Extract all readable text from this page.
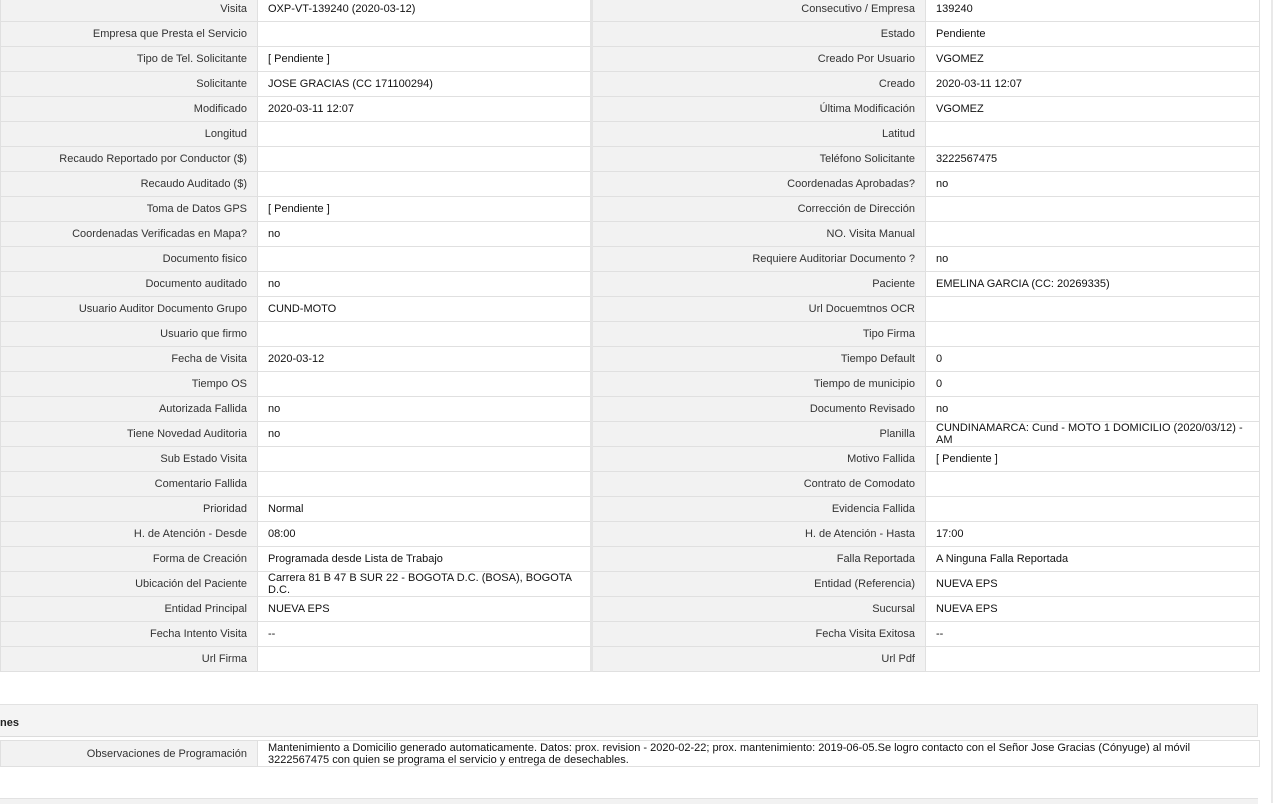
Visita	OXP-VT-139240 (2020-03-12)	Consecutivo / Empresa	139240
Empresa que Presta el Servicio		Estado	Pendiente
Tipo de Tel. Solicitante	[ Pendiente ]	Creado Por Usuario	VGOMEZ
Solicitante	JOSE GRACIAS (CC 171100294)	Creado	2020-03-11 12:07
Modificado	2020-03-11 12:07	Última Modificación	VGOMEZ
Longitud		Latitud	
Recaudo Reportado por Conductor ($)		Teléfono Solicitante	3222567475
Recaudo Auditado ($)		Coordenadas Aprobadas?	no
Toma de Datos GPS	[ Pendiente ]	Corrección de Dirección	
Coordenadas Verificadas en Mapa?	no	NO. Visita Manual	
Documento fisico		Requiere Auditoriar Documento ?	no
Documento auditado	no	Paciente	EMELINA GARCIA (CC: 20269335)
Usuario Auditor Documento Grupo	CUND-MOTO	Url Docuemtnos OCR	
Usuario que firmo		Tipo Firma	
Fecha de Visita	2020-03-12	Tiempo Default	0
Tiempo OS		Tiempo de municipio	0
Autorizada Fallida	no	Documento Revisado	no
Tiene Novedad Auditoria	no	Planilla	CUNDINAMARCA: Cund - MOTO 1 DOMICILIO (2020/03/12) - AM
Sub Estado Visita		Motivo Fallida	[ Pendiente ]
Comentario Fallida		Contrato de Comodato	
Prioridad	Normal	Evidencia Fallida	
H. de Atención - Desde	08:00	H. de Atención - Hasta	17:00
Forma de Creación	Programada desde Lista de Trabajo	Falla Reportada	A Ninguna Falla Reportada
Ubicación del Paciente	Carrera 81 B 47 B SUR 22 - BOGOTA D.C. (BOSA), BOGOTA D.C.	Entidad (Referencia)	NUEVA EPS
Entidad Principal	NUEVA EPS	Sucursal	NUEVA EPS
Fecha Intento Visita	--	Fecha Visita Exitosa	--
Url Firma		Url Pdf	
nes
Observaciones de Programación	Mantenimiento a Domicilio generado automaticamente. Datos: prox. revision - 2020-02-22; prox. mantenimiento: 2019-06-05.Se logro contacto con el Señor Jose Gracias (Cónyuge) al móvil 3222567475 con quien se programa el servicio y entrega de desechables.
